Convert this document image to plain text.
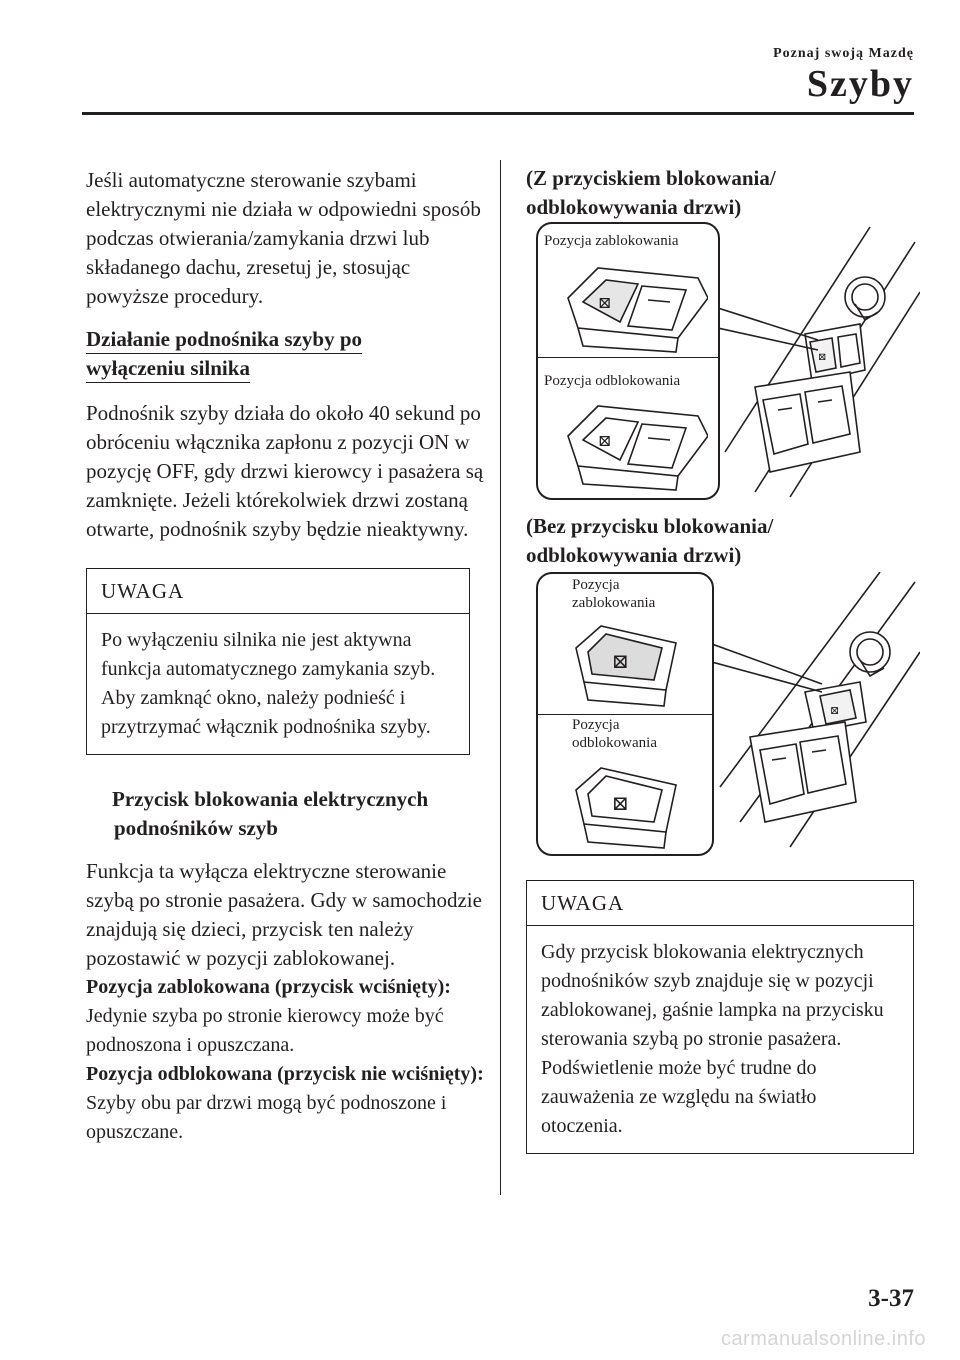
Poznaj swoją Mazdę
Szyby

Jeśli automatyczne sterowanie szybami elektrycznymi nie działa w odpowiedni sposób podczas otwierania/zamykania drzwi lub składanego dachu, zresetuj je, stosując powyższe procedury.

Działanie podnośnika szyby po wyłączeniu silnika

Podnośnik szyby działa do około 40 sekund po obróceniu włącznika zapłonu z pozycji ON w pozycję OFF, gdy drzwi kierowcy i pasażera są zamknięte. Jeżeli którekolwiek drzwi zostaną otwarte, podnośnik szyby będzie nieaktywny.

UWAGA
Po wyłączeniu silnika nie jest aktywna funkcja automatycznego zamykania szyb. Aby zamknąć okno, należy podnieść i przytrzymać włącznik podnośnika szyby.
Przycisk blokowania elektrycznych podnośników szyb

Funkcja ta wyłącza elektryczne sterowanie szybą po stronie pasażera. Gdy w samochodzie znajdują się dzieci, przycisk ten należy pozostawić w pozycji zablokowanej.

Pozycja zablokowana (przycisk wciśnięty):

Jedynie szyba po stronie kierowcy może być podnoszona i opuszczana.

Pozycja odblokowana (przycisk nie wciśnięty):

Szyby obu par drzwi mogą być podnoszone i opuszczane.

(Z przyciskiem blokowania/ odblokowywania drzwi)
⊠
Pozycja zablokowania
Pozycja odblokowania
⊠
⊠
(Bez przycisku blokowania/ odblokowywania drzwi)
⊠
Pozycja
zablokowania
Pozycja
odblokowania
⊠
⊠
UWAGA
Gdy przycisk blokowania elektrycznych podnośników szyb znajduje się w pozycji zablokowanej, gaśnie lampka na przycisku sterowania szybą po stronie pasażera. Podświetlenie może być trudne do zauważenia ze względu na światło otoczenia.
3-37
carmanualsonline.info
